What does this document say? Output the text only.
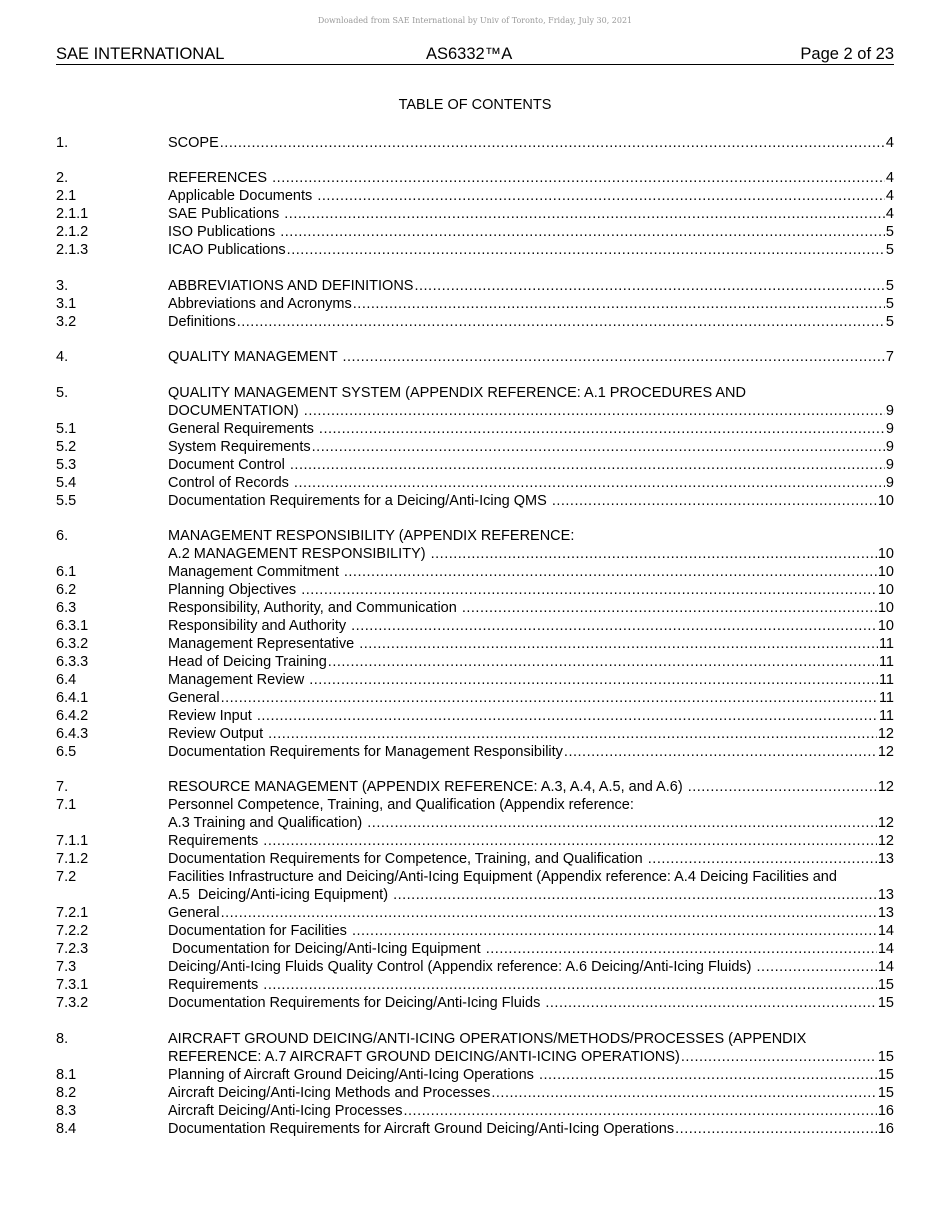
Downloaded from SAE International by Univ of Toronto, Friday, July 30, 2021
SAE INTERNATIONAL	AS6332™A	Page 2 of 23
TABLE OF CONTENTS
1.	SCOPE .....	4
2.	REFERENCES .....	4
2.1	Applicable Documents .....	4
2.1.1	SAE Publications .....	4
2.1.2	ISO Publications .....	5
2.1.3	ICAO Publications .....	5
3.	ABBREVIATIONS AND DEFINITIONS .....	5
3.1	Abbreviations and Acronyms .....	5
3.2	Definitions .....	5
4.	QUALITY MANAGEMENT .....	7
5.	QUALITY MANAGEMENT SYSTEM (APPENDIX REFERENCE: A.1 PROCEDURES AND
DOCUMENTATION) .....	9
5.1	General Requirements .....	9
5.2	System Requirements .....	9
5.3	Document Control .....	9
5.4	Control of Records .....	9
5.5	Documentation Requirements for a Deicing/Anti-Icing QMS .....	10
6.	MANAGEMENT RESPONSIBILITY (APPENDIX REFERENCE:
A.2 MANAGEMENT RESPONSIBILITY) .....	10
6.1	Management Commitment .....	10
6.2	Planning Objectives .....	10
6.3	Responsibility, Authority, and Communication .....	10
6.3.1	Responsibility and Authority .....	10
6.3.2	Management Representative .....	11
6.3.3	Head of Deicing Training .....	11
6.4	Management Review .....	11
6.4.1	General .....	11
6.4.2	Review Input .....	11
6.4.3	Review Output .....	12
6.5	Documentation Requirements for Management Responsibility .....	12
7.	RESOURCE MANAGEMENT (APPENDIX REFERENCE: A.3, A.4, A.5, and A.6) .....	12
7.1	Personnel Competence, Training, and Qualification (Appendix reference:
A.3 Training and Qualification) .....	12
7.1.1	Requirements .....	12
7.1.2	Documentation Requirements for Competence, Training, and Qualification .....	13
7.2	Facilities Infrastructure and Deicing/Anti-Icing Equipment (Appendix reference: A.4 Deicing Facilities and
A.5  Deicing/Anti-icing Equipment) .....	13
7.2.1	General .....	13
7.2.2	Documentation for Facilities .....	14
7.2.3	Documentation for Deicing/Anti-Icing Equipment .....	14
7.3	Deicing/Anti-Icing Fluids Quality Control (Appendix reference: A.6 Deicing/Anti-Icing Fluids) .....	14
7.3.1	Requirements .....	15
7.3.2	Documentation Requirements for Deicing/Anti-Icing Fluids .....	15
8.	AIRCRAFT GROUND DEICING/ANTI-ICING OPERATIONS/METHODS/PROCESSES (APPENDIX
REFERENCE: A.7 AIRCRAFT GROUND DEICING/ANTI-ICING OPERATIONS) .....	15
8.1	Planning of Aircraft Ground Deicing/Anti-Icing Operations .....	15
8.2	Aircraft Deicing/Anti-Icing Methods and Processes .....	15
8.3	Aircraft Deicing/Anti-Icing Processes .....	16
8.4	Documentation Requirements for Aircraft Ground Deicing/Anti-Icing Operations .....	16
